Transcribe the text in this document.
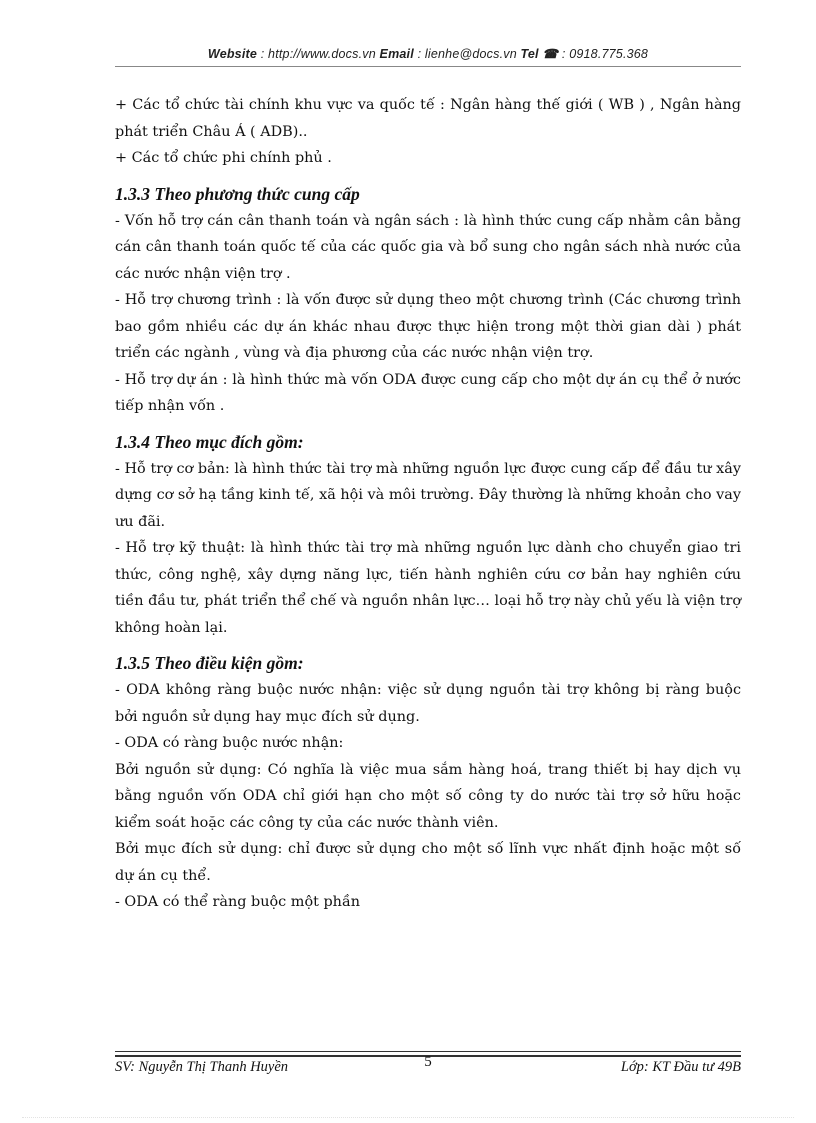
Website : http://www.docs.vn Email : lienhe@docs.vn Tel ☎ : 0918.775.368

+ Các tổ chức tài chính khu vực va quốc tế : Ngân hàng thế giới ( WB ) , Ngân hàng phát triển Châu Á ( ADB)..

+ Các tổ chức phi chính phủ .

1.3.3 Theo phương thức cung cấp

- Vốn hỗ trợ cán cân thanh toán và ngân sách : là hình thức cung cấp nhằm cân bằng cán cân thanh toán quốc tế của các quốc gia và bổ sung cho ngân sách nhà nước của các nước nhận viện trợ .

- Hỗ trợ chương trình : là vốn được sử dụng theo một chương trình (Các chương trình bao gồm nhiều các dự án khác nhau được thực hiện trong một thời gian dài ) phát triển các ngành , vùng và địa phương của các nước nhận viện trợ.

- Hỗ trợ dự án : là hình thức mà vốn ODA được cung cấp cho một dự án cụ thể ở nước tiếp nhận vốn .

1.3.4 Theo mục đích gồm:

- Hỗ trợ cơ bản: là hình thức tài trợ mà những nguồn lực được cung cấp để đầu tư xây dựng cơ sở hạ tầng kinh tế, xã hội và môi trường. Đây thường là những khoản cho vay ưu đãi.

- Hỗ trợ kỹ thuật: là hình thức tài trợ mà những nguồn lực dành cho chuyển giao tri thức, công nghệ, xây dựng năng lực, tiến hành nghiên cứu cơ bản hay nghiên cứu tiền đầu tư, phát triển thể chế và nguồn nhân lực… loại hỗ trợ này chủ yếu là viện trợ không hoàn lại.

1.3.5 Theo điều kiện gồm:

- ODA không ràng buộc nước nhận: việc sử dụng nguồn tài trợ không bị ràng buộc bởi nguồn sử dụng hay mục đích sử dụng.

- ODA có ràng buộc nước nhận:

Bởi nguồn sử dụng: Có nghĩa là việc mua sắm hàng hoá, trang thiết bị hay dịch vụ bằng nguồn vốn ODA chỉ giới hạn cho một số công ty do nước tài trợ sở hữu hoặc kiểm soát hoặc các công ty của các nước thành viên.

Bởi mục đích sử dụng: chỉ được sử dụng cho một số lĩnh vực nhất định hoặc một số dự án cụ thể.

- ODA có thể ràng buộc một phần

SV: Nguyễn Thị Thanh Huyền	5	Lớp: KT Đầu tư 49B
